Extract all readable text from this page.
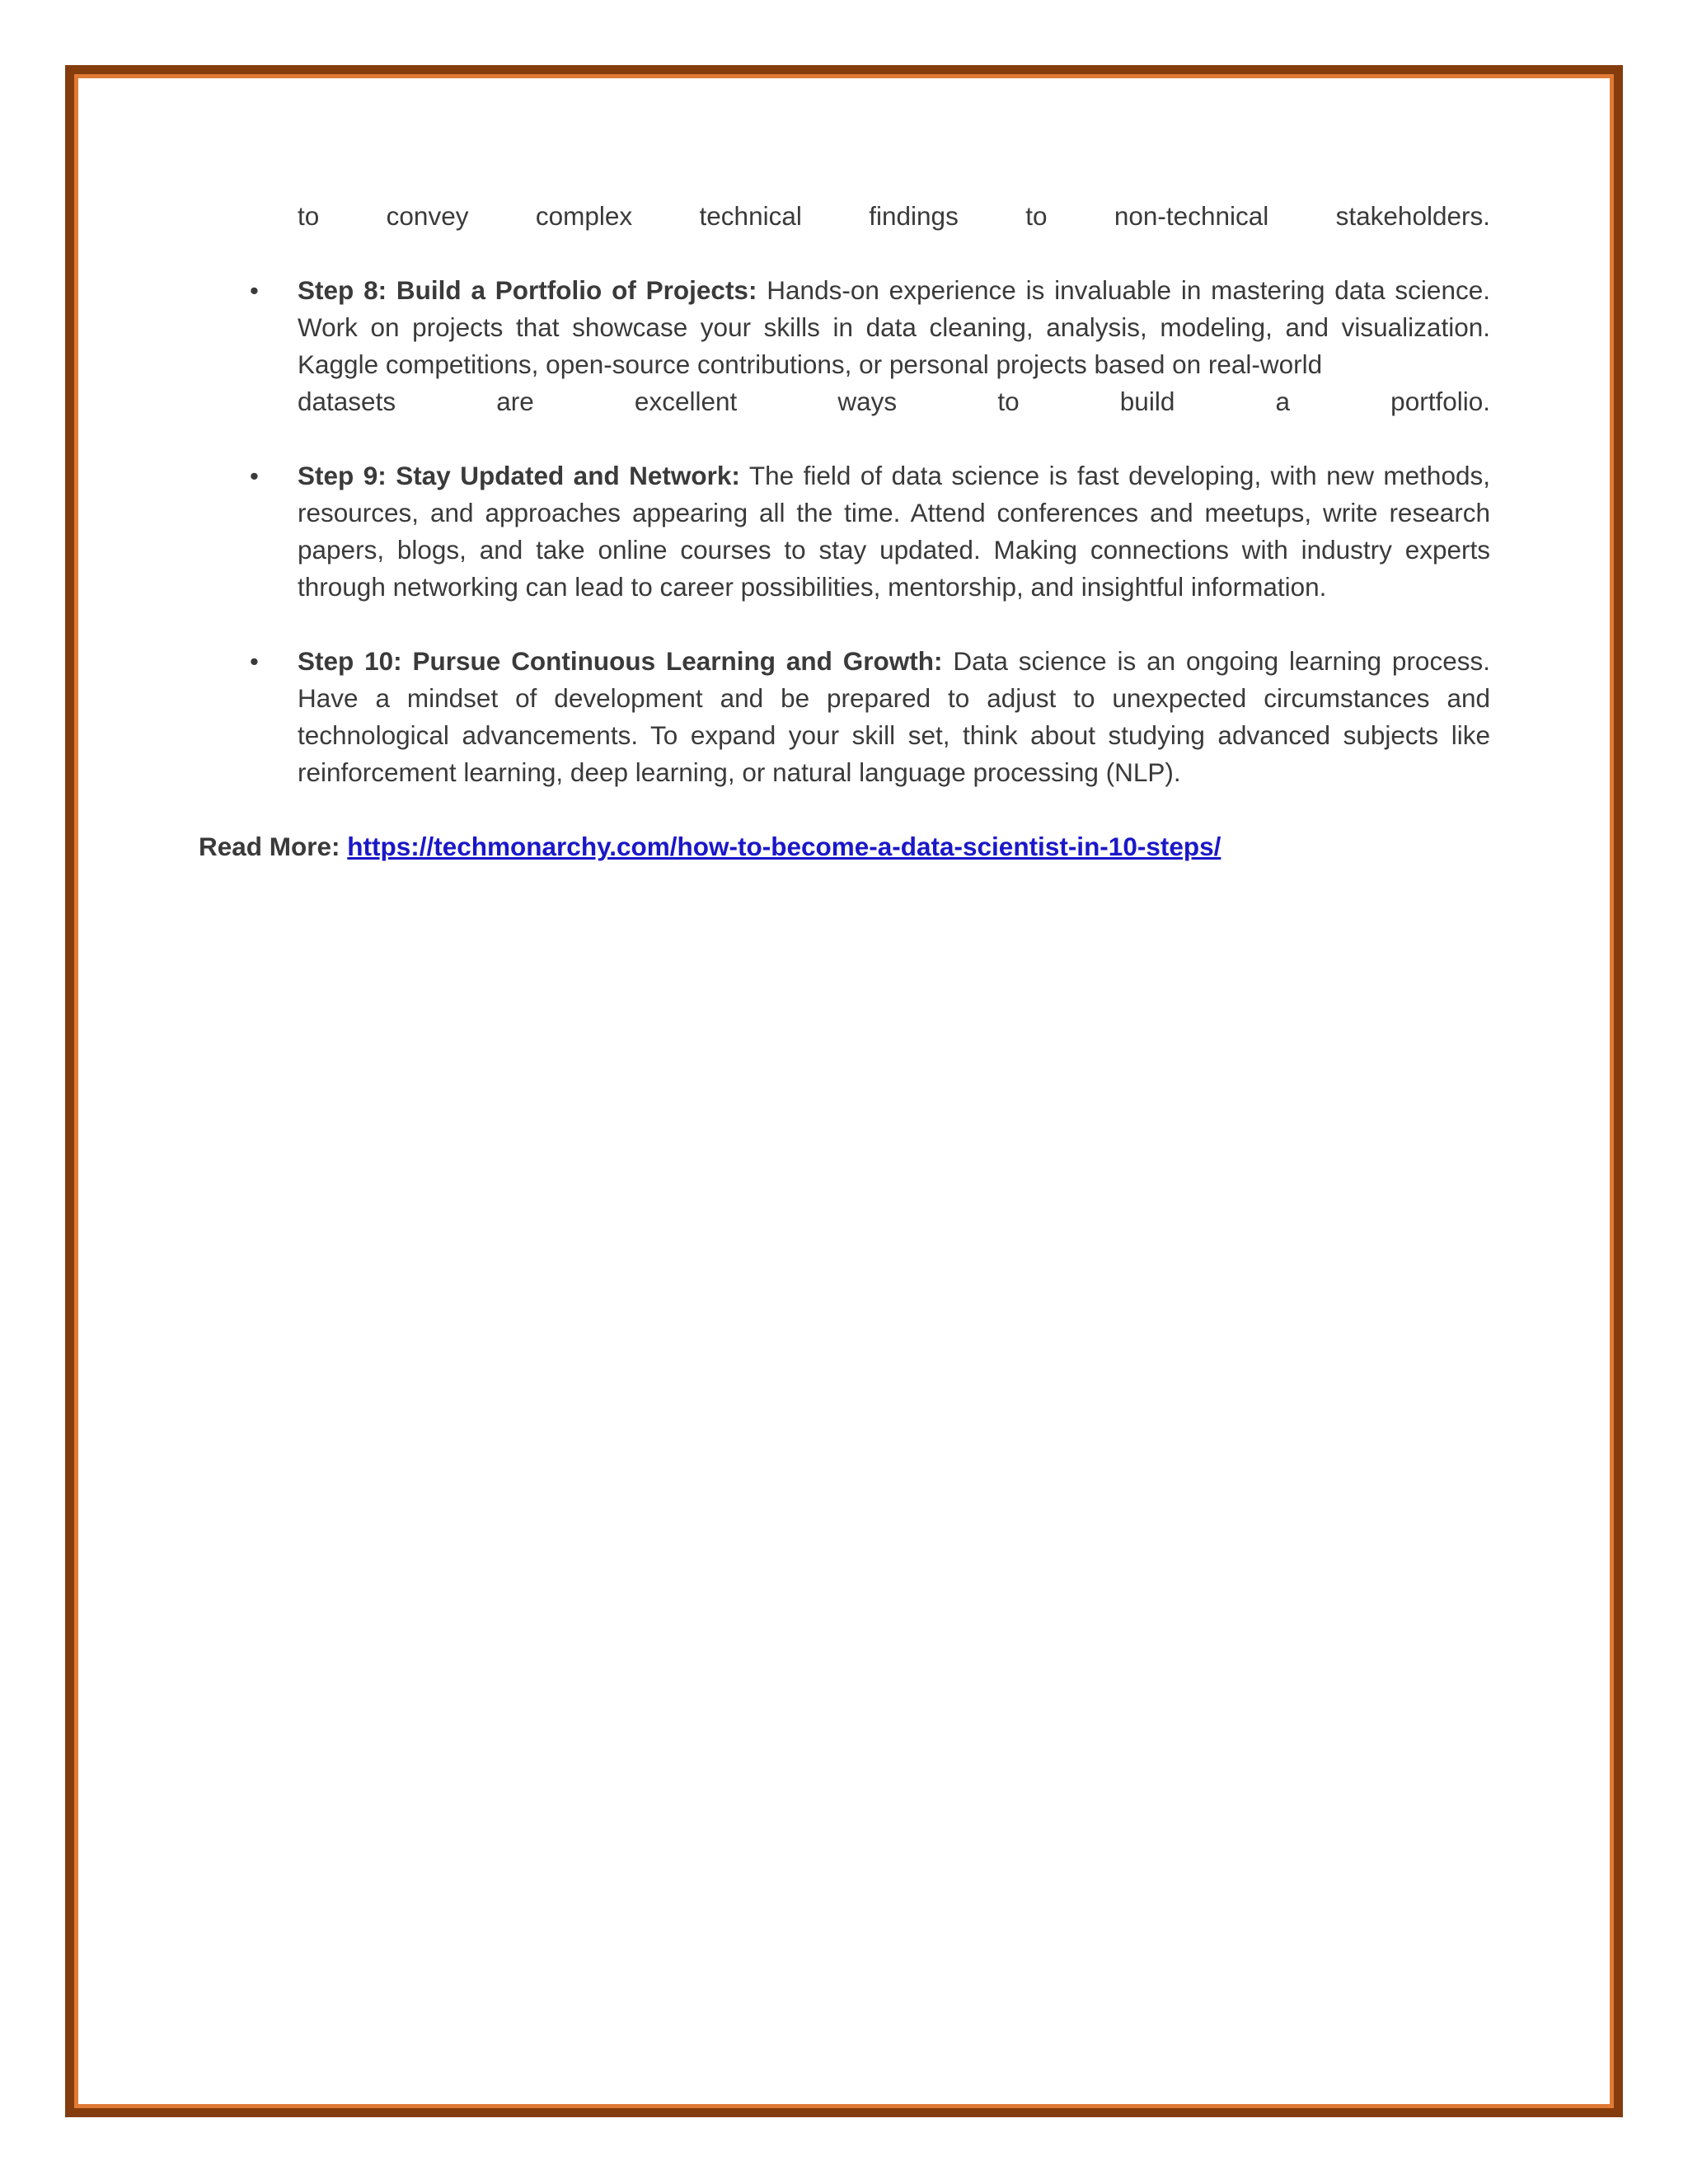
to convey complex technical findings to non-technical stakeholders.

• Step 8: Build a Portfolio of Projects: Hands-on experience is invaluable in mastering data science. Work on projects that showcase your skills in data cleaning, analysis, modeling, and visualization. Kaggle competitions, open-source contributions, or personal projects based on real-world

datasets are excellent ways to build a portfolio.

• Step 9: Stay Updated and Network: The field of data science is fast developing, with new methods, resources, and approaches appearing all the time. Attend conferences and meetups, write research papers, blogs, and take online courses to stay updated. Making connections with industry experts through networking can lead to career possibilities, mentorship, and insightful information.

• Step 10: Pursue Continuous Learning and Growth: Data science is an ongoing learning process. Have a mindset of development and be prepared to adjust to unexpected circumstances and technological advancements. To expand your skill set, think about studying advanced subjects like reinforcement learning, deep learning, or natural language processing (NLP).

Read More: https://techmonarchy.com/how-to-become-a-data-scientist-in-10-steps/
